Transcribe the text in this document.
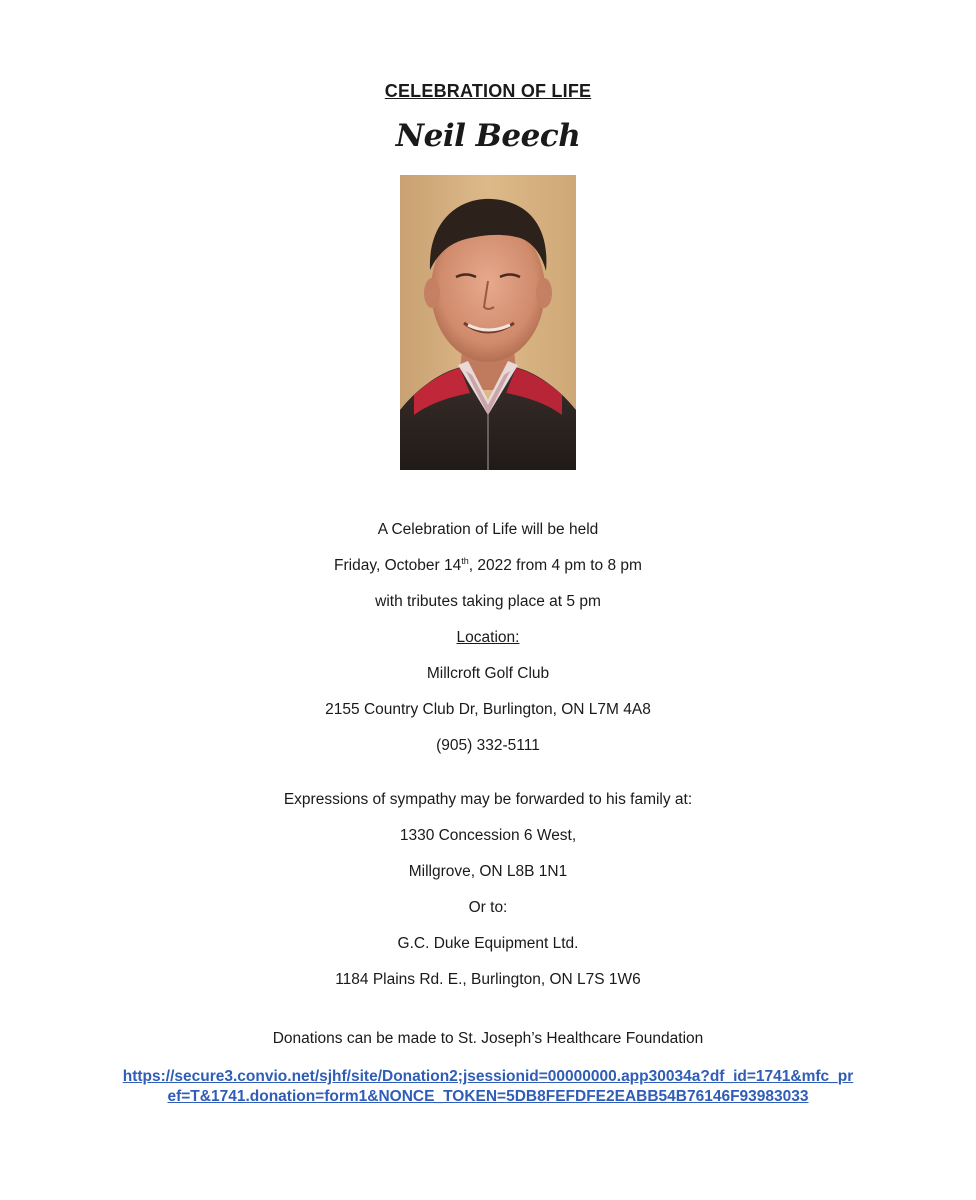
CELEBRATION OF LIFE
Neil Beech
A Celebration of Life will be held
Friday, October 14th, 2022 from 4 pm to 8 pm
with tributes taking place at 5 pm
Location:
Millcroft Golf Club
2155 Country Club Dr, Burlington, ON L7M 4A8
(905) 332-5111
Expressions of sympathy may be forwarded to his family at:
1330 Concession 6 West,
Millgrove, ON L8B 1N1
Or to:
G.C. Duke Equipment Ltd.
1184 Plains Rd. E., Burlington, ON L7S 1W6
Donations can be made to St. Joseph’s Healthcare Foundation
https://secure3.convio.net/sjhf/site/Donation2;jsessionid=00000000.app30034a?df_id=1741&mfc_pr
ef=T&1741.donation=form1&NONCE_TOKEN=5DB8FEFDFE2EABB54B76146F93983033
